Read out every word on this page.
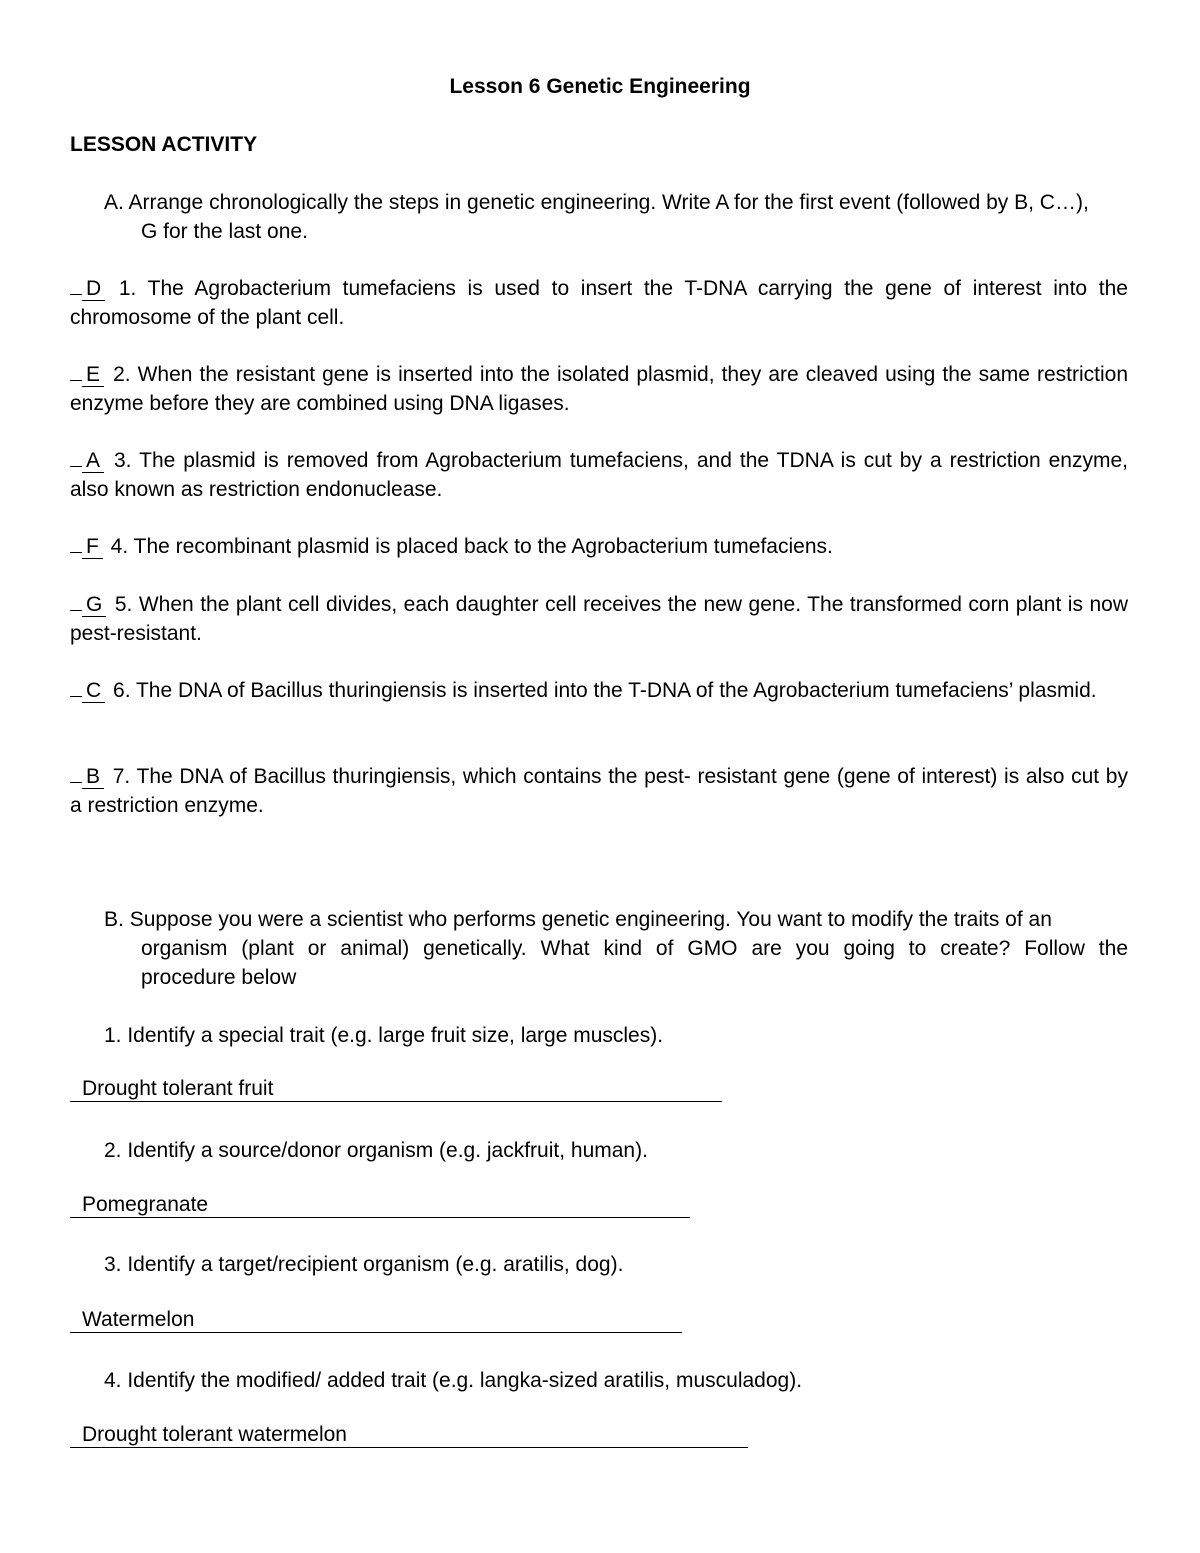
Lesson 6 Genetic Engineering
LESSON ACTIVITY
A. Arrange chronologically the steps in genetic engineering. Write A for the first event (followed by B, C…),
G for the last one.
D 1. The Agrobacterium tumefaciens is used to insert the T-DNA carrying the gene of interest into the chromosome of the plant cell.
E 2. When the resistant gene is inserted into the isolated plasmid, they are cleaved using the same restriction enzyme before they are combined using DNA ligases.
A 3. The plasmid is removed from Agrobacterium tumefaciens, and the TDNA is cut by a restriction enzyme, also known as restriction endonuclease.
F 4. The recombinant plasmid is placed back to the Agrobacterium tumefaciens.
G 5. When the plant cell divides, each daughter cell receives the new gene. The transformed corn plant is now pest-resistant.
C 6. The DNA of Bacillus thuringiensis is inserted into the T-DNA of the Agrobacterium tumefaciens’ plasmid.
B 7. The DNA of Bacillus thuringiensis, which contains the pest- resistant gene (gene of interest) is also cut by a restriction enzyme.
B. Suppose you were a scientist who performs genetic engineering. You want to modify the traits of an
organism (plant or animal) genetically. What kind of GMO are you going to create? Follow the
procedure below
1. Identify a special trait (e.g. large fruit size, large muscles).
Drought tolerant fruit
2. Identify a source/donor organism (e.g. jackfruit, human).
Pomegranate
3. Identify a target/recipient organism (e.g. aratilis, dog).
Watermelon
4. Identify the modified/ added trait (e.g. langka-sized aratilis, musculadog).
Drought tolerant watermelon
